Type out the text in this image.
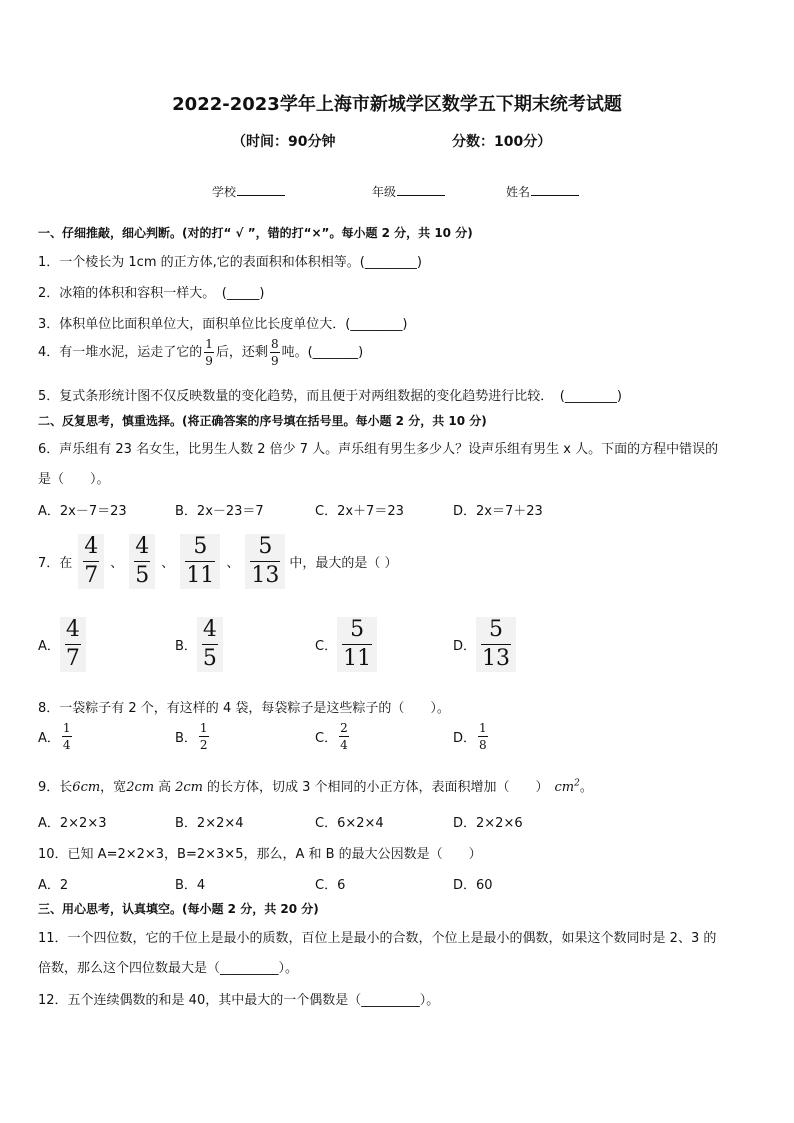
2022-2023学年上海市新城学区数学五下期末统考试题
（时间：90分钟	分数：100分）
学校	年级	姓名
一、仔细推敲，细心判断。(对的打“ √ ”，错的打“×”。每小题 2 分，共 10 分)
1．一个棱长为 1cm 的正方体,它的表面积和体积相等。(________)
2．冰箱的体积和容积一样大。　(_____)
3．体积单位比面积单位大，面积单位比长度单位大．(________)
4．有一堆水泥，运走了它的 $\frac{1}{9}$ 后，还剩 $\frac{8}{9}$ 吨。(_______)
5．复式条形统计图不仅反映数量的变化趋势，而且便于对两组数据的变化趋势进行比较．　(________)
二、反复思考，慎重选择。(将正确答案的序号填在括号里。每小题 2 分，共 10 分)
6．声乐组有 23 名女生，比男生人数 2 倍少 7 人。声乐组有男生多少人？设声乐组有男生 x 人。下面的方程中错误的
是（　　）。
A．2x－7＝23	B．2x－23＝7	C．2x＋7＝23	D．2x＝7＋23
7．在 $\frac{4}{7}$ 、 $\frac{4}{5}$ 、 $\frac{5}{11}$ 、 $\frac{5}{13}$ 中，最大的是（ ）
A． $\frac{4}{7}$	B． $\frac{4}{5}$	C． $\frac{5}{11}$	D． $\frac{5}{13}$
8．一袋粽子有 2 个，有这样的 4 袋，每袋粽子是这些粽子的（　　）。
A． $\frac{1}{4}$	B． $\frac{1}{2}$	C． $\frac{2}{4}$	D． $\frac{1}{8}$
9．长6cm，宽2cm 高 2cm 的长方体，切成 3 个相同的小正方体，表面积增加（　　） $cm^2$。
A．2×2×3	B．2×2×4	C．6×2×4	D．2×2×6
10．已知 A=2×2×3，B=2×3×5，那么，A 和 B 的最大公因数是（　　）
A．2	B．4	C．6	D．60
三、用心思考，认真填空。(每小题 2 分，共 20 分)
11．一个四位数，它的千位上是最小的质数，百位上是最小的合数，个位上是最小的偶数，如果这个数同时是 2、3 的
倍数，那么这个四位数最大是（_________）。
12．五个连续偶数的和是 40，其中最大的一个偶数是（_________）。
